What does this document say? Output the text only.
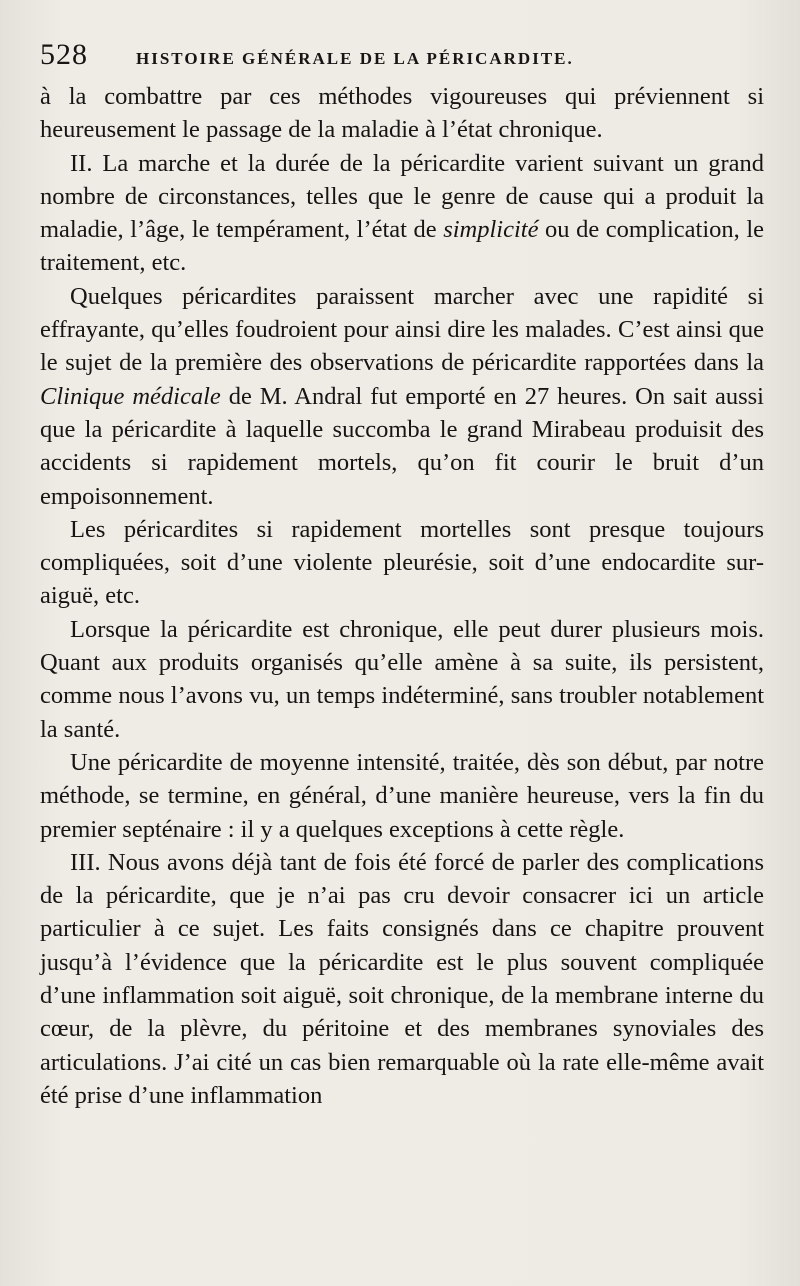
528	HISTOIRE GÉNÉRALE DE LA PÉRICARDITE.

à la combattre par ces méthodes vigoureuses qui préviennent si heureusement le passage de la maladie à l’état chronique.

II. La marche et la durée de la péricardite varient suivant un grand nombre de circonstances, telles que le genre de cause qui a produit la maladie, l’âge, le tempérament, l’état de simplicité ou de complication, le traitement, etc.

Quelques péricardites paraissent marcher avec une rapidité si effrayante, qu’elles foudroient pour ainsi dire les malades. C’est ainsi que le sujet de la première des observations de péricardite rapportées dans la Clinique médicale de M. Andral fut emporté en 27 heures. On sait aussi que la péricardite à laquelle succomba le grand Mirabeau produisit des accidents si rapidement mortels, qu’on fit courir le bruit d’un empoisonnement.

Les péricardites si rapidement mortelles sont presque toujours compliquées, soit d’une violente pleurésie, soit d’une endocardite sur-aiguë, etc.

Lorsque la péricardite est chronique, elle peut durer plusieurs mois. Quant aux produits organisés qu’elle amène à sa suite, ils persistent, comme nous l’avons vu, un temps indéterminé, sans troubler notablement la santé.

Une péricardite de moyenne intensité, traitée, dès son début, par notre méthode, se termine, en général, d’une manière heureuse, vers la fin du premier septénaire : il y a quelques exceptions à cette règle.

III. Nous avons déjà tant de fois été forcé de parler des complications de la péricardite, que je n’ai pas cru devoir consacrer ici un article particulier à ce sujet. Les faits consignés dans ce chapitre prouvent jusqu’à l’évidence que la péricardite est le plus souvent compliquée d’une inflammation soit aiguë, soit chronique, de la membrane interne du cœur, de la plèvre, du péritoine et des membranes synoviales des articulations. J’ai cité un cas bien remarquable où la rate elle-même avait été prise d’une inflammation
